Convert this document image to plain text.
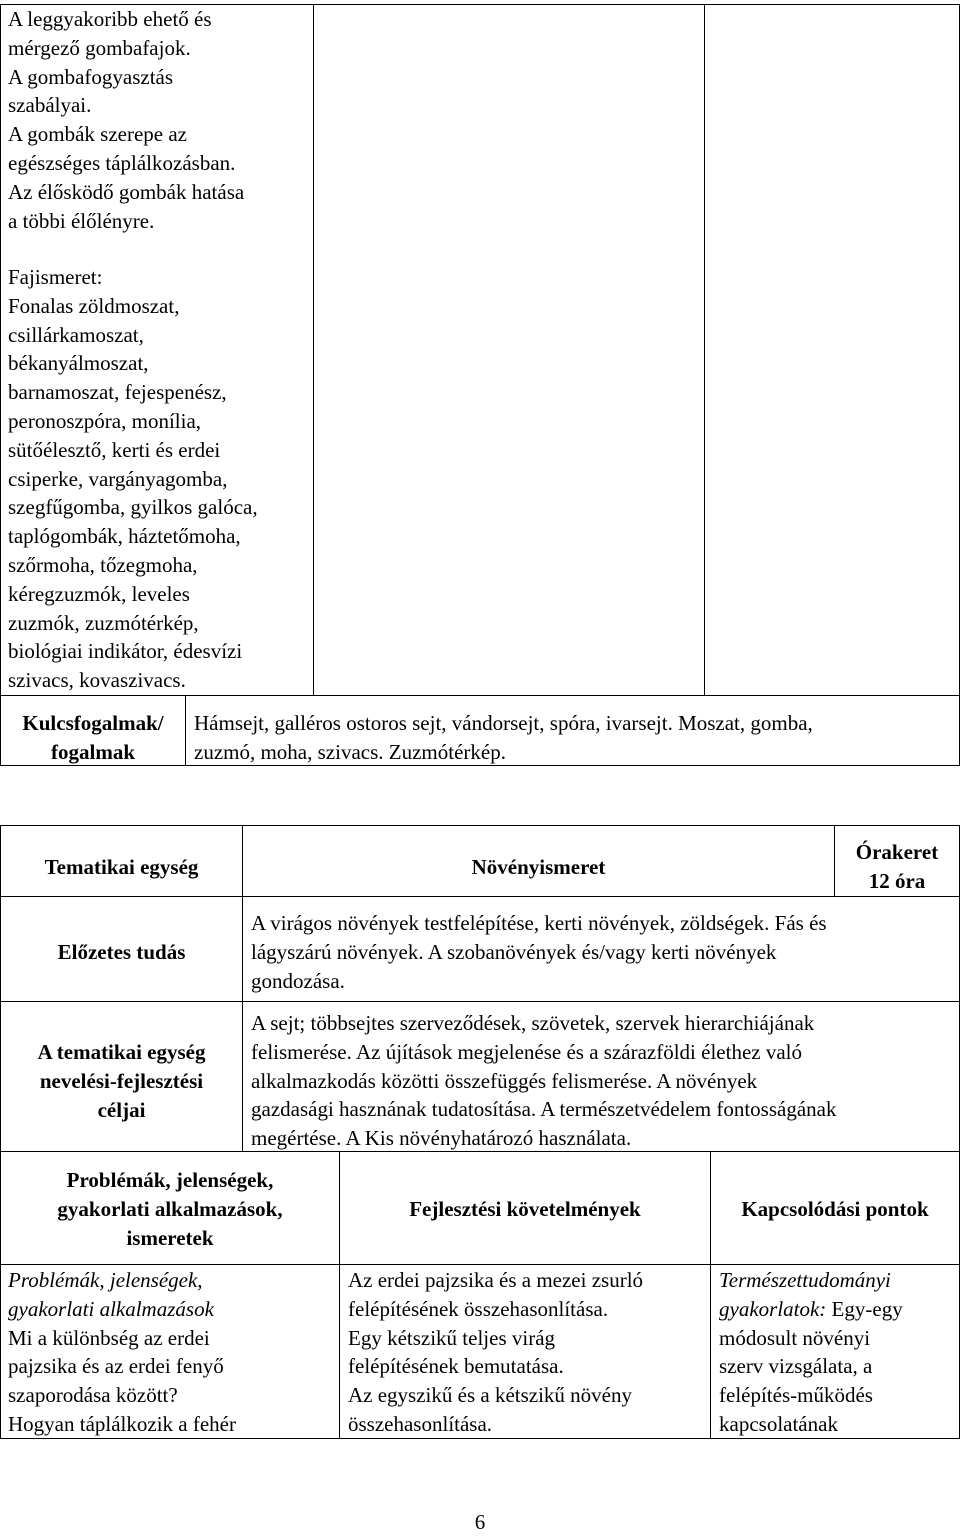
A leggyakoribb ehető és
mérgező gombafajok.
A gombafogyasztás
szabályai.
A gombák szerepe az
egészséges táplálkozásban.
Az élősködő gombák hatása
a többi élőlényre.
Fajismeret:
Fonalas zöldmoszat,
csillárkamoszat,
békanyálmoszat,
barnamoszat, fejespenész,
peronoszpóra, monília,
sütőélesztő, kerti és erdei
csiperke, vargányagomba,
szegfűgomba, gyilkos galóca,
taplógombák, háztetőmoha,
szőrmoha, tőzegmoha,
kéregzuzmók, leveles
zuzmók, zuzmótérkép,
biológiai indikátor, édesvízi
szivacs, kovaszivacs.
Kulcsfogalmak/
fogalmak
Hámsejt, galléros ostoros sejt, vándorsejt, spóra, ivarsejt. Moszat, gomba,
zuzmó, moha, szivacs. Zuzmótérkép.
Tematikai egység	Növényismeret
Órakeret
12 óra
Előzetes tudás
A virágos növények testfelépítése, kerti növények, zöldségek. Fás és
lágyszárú növények. A szobanövények és/vagy kerti növények
gondozása.
A tematikai egység
nevelési-fejlesztési
céljai
A sejt; többsejtes szerveződések, szövetek, szervek hierarchiájának
felismerése. Az újítások megjelenése és a szárazföldi élethez való
alkalmazkodás közötti összefüggés felismerése. A növények
gazdasági hasznának tudatosítása. A természetvédelem fontosságának
megértése. A Kis növényhatározó használata.
Problémák, jelenségek,
gyakorlati alkalmazások,
ismeretek
Fejlesztési követelmények	Kapcsolódási pontok
Problémák, jelenségek,
gyakorlati alkalmazások
Mi a különbség az erdei
pajzsika és az erdei fenyő
szaporodása között?
Hogyan táplálkozik a fehér
Az erdei pajzsika és a mezei zsurló
felépítésének összehasonlítása.
Egy kétszikű teljes virág
felépítésének bemutatása.
Az egyszikű és a kétszikű növény
összehasonlítása.
Természettudományi
gyakorlatok: Egy-egy
módosult növényi
szerv vizsgálata, a
felépítés-működés
kapcsolatának
6
